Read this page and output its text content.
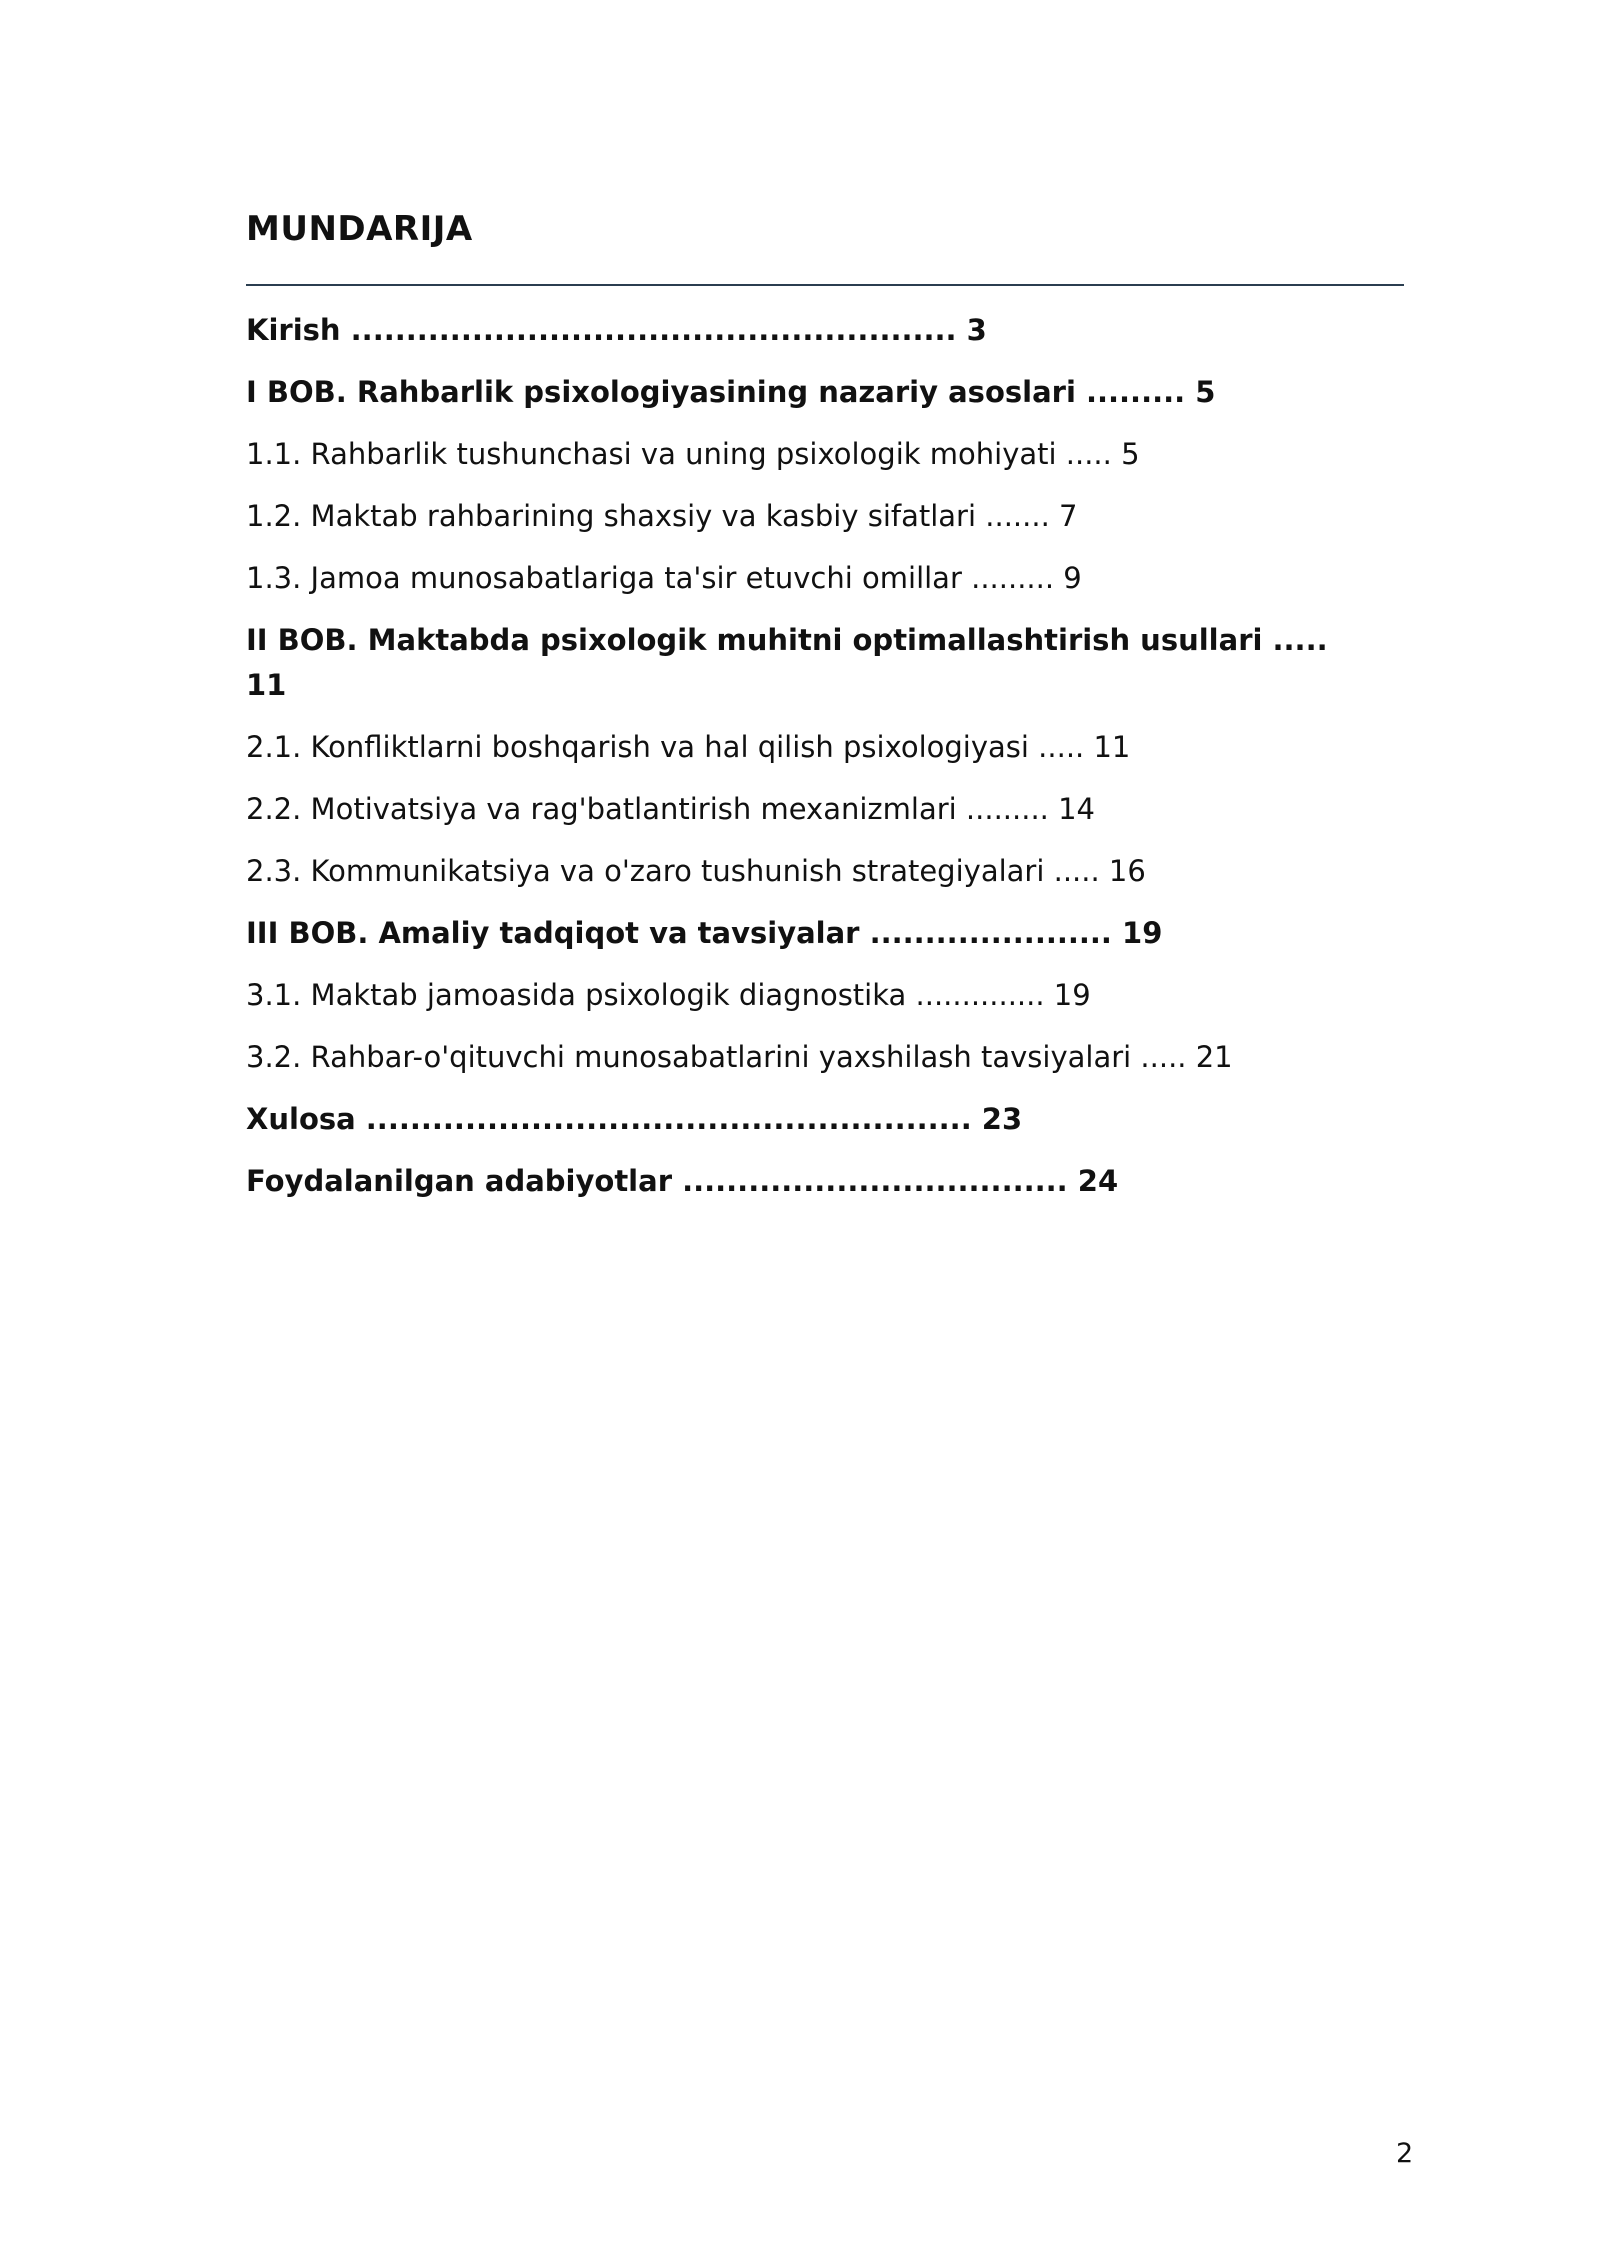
MUNDARIJA
Kirish ....................................................... 3
I BOB. Rahbarlik psixologiyasining nazariy asoslari ......... 5
1.1. Rahbarlik tushunchasi va uning psixologik mohiyati ..... 5
1.2. Maktab rahbarining shaxsiy va kasbiy sifatlari ....... 7
1.3. Jamoa munosabatlariga ta'sir etuvchi omillar ......... 9
II BOB. Maktabda psixologik muhitni optimallashtirish usullari ..... 11
2.1. Konfliktlarni boshqarish va hal qilish psixologiyasi ..... 11
2.2. Motivatsiya va rag'batlantirish mexanizmlari ......... 14
2.3. Kommunikatsiya va o'zaro tushunish strategiyalari ..... 16
III BOB. Amaliy tadqiqot va tavsiyalar ...................... 19
3.1. Maktab jamoasida psixologik diagnostika .............. 19
3.2. Rahbar-o'qituvchi munosabatlarini yaxshilash tavsiyalari ..... 21
Xulosa ....................................................... 23
Foydalanilgan adabiyotlar ................................... 24
2
